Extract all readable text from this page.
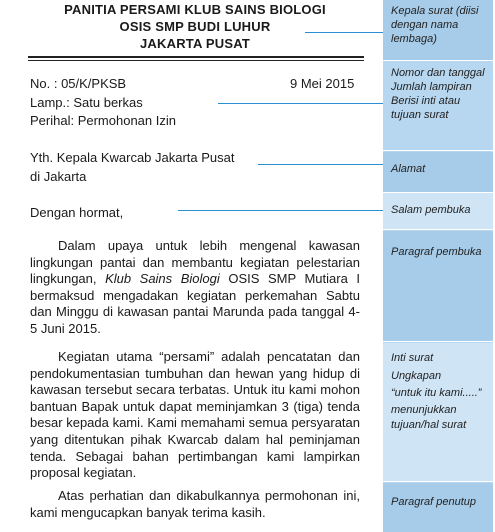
PANITIA PERSAMI KLUB SAINS BIOLOGI
OSIS SMP BUDI LUHUR
JAKARTA PUSAT
No. : 05/K/PKSB	9 Mei 2015
Lamp.: Satu berkas
Perihal: Permohonan Izin
Yth. Kepala Kwarcab Jakarta Pusat
di Jakarta
Dengan hormat,

Dalam upaya untuk lebih mengenal kawasan lingkungan pantai dan membantu kegiatan pelestarian lingkungan, Klub Sains Biologi OSIS SMP Mutiara I bermaksud mengadakan kegiatan perkemahan Sabtu dan Minggu di kawasan pantai Marunda pada tanggal 4-5 Juni 2015.

Kegiatan utama “persami” adalah pencatatan dan pendokumentasian tumbuhan dan hewan yang hidup di kawasan tersebut secara terbatas. Untuk itu kami mohon bantuan Bapak untuk dapat meminjamkan 3 (tiga) tenda besar kepada kami. Kami memahami semua persyaratan yang ditentukan pihak Kwarcab dalam hal peminjaman tenda. Sebagai bahan pertimbangan kami lampirkan proposal kegiatan.

Atas perhatian dan dikabulkannya permohonan ini, kami mengucapkan banyak terima kasih.

Kepala surat (diisi dengan nama lembaga)
Nomor dan tanggal
Jumlah lampiran
Berisi inti atau tujuan surat
Alamat
Salam pembuka
Paragraf pembuka
Inti surat
Ungkapan
“untuk itu kami.....”
menunjukkan tujuan/hal surat
Paragraf penutup
